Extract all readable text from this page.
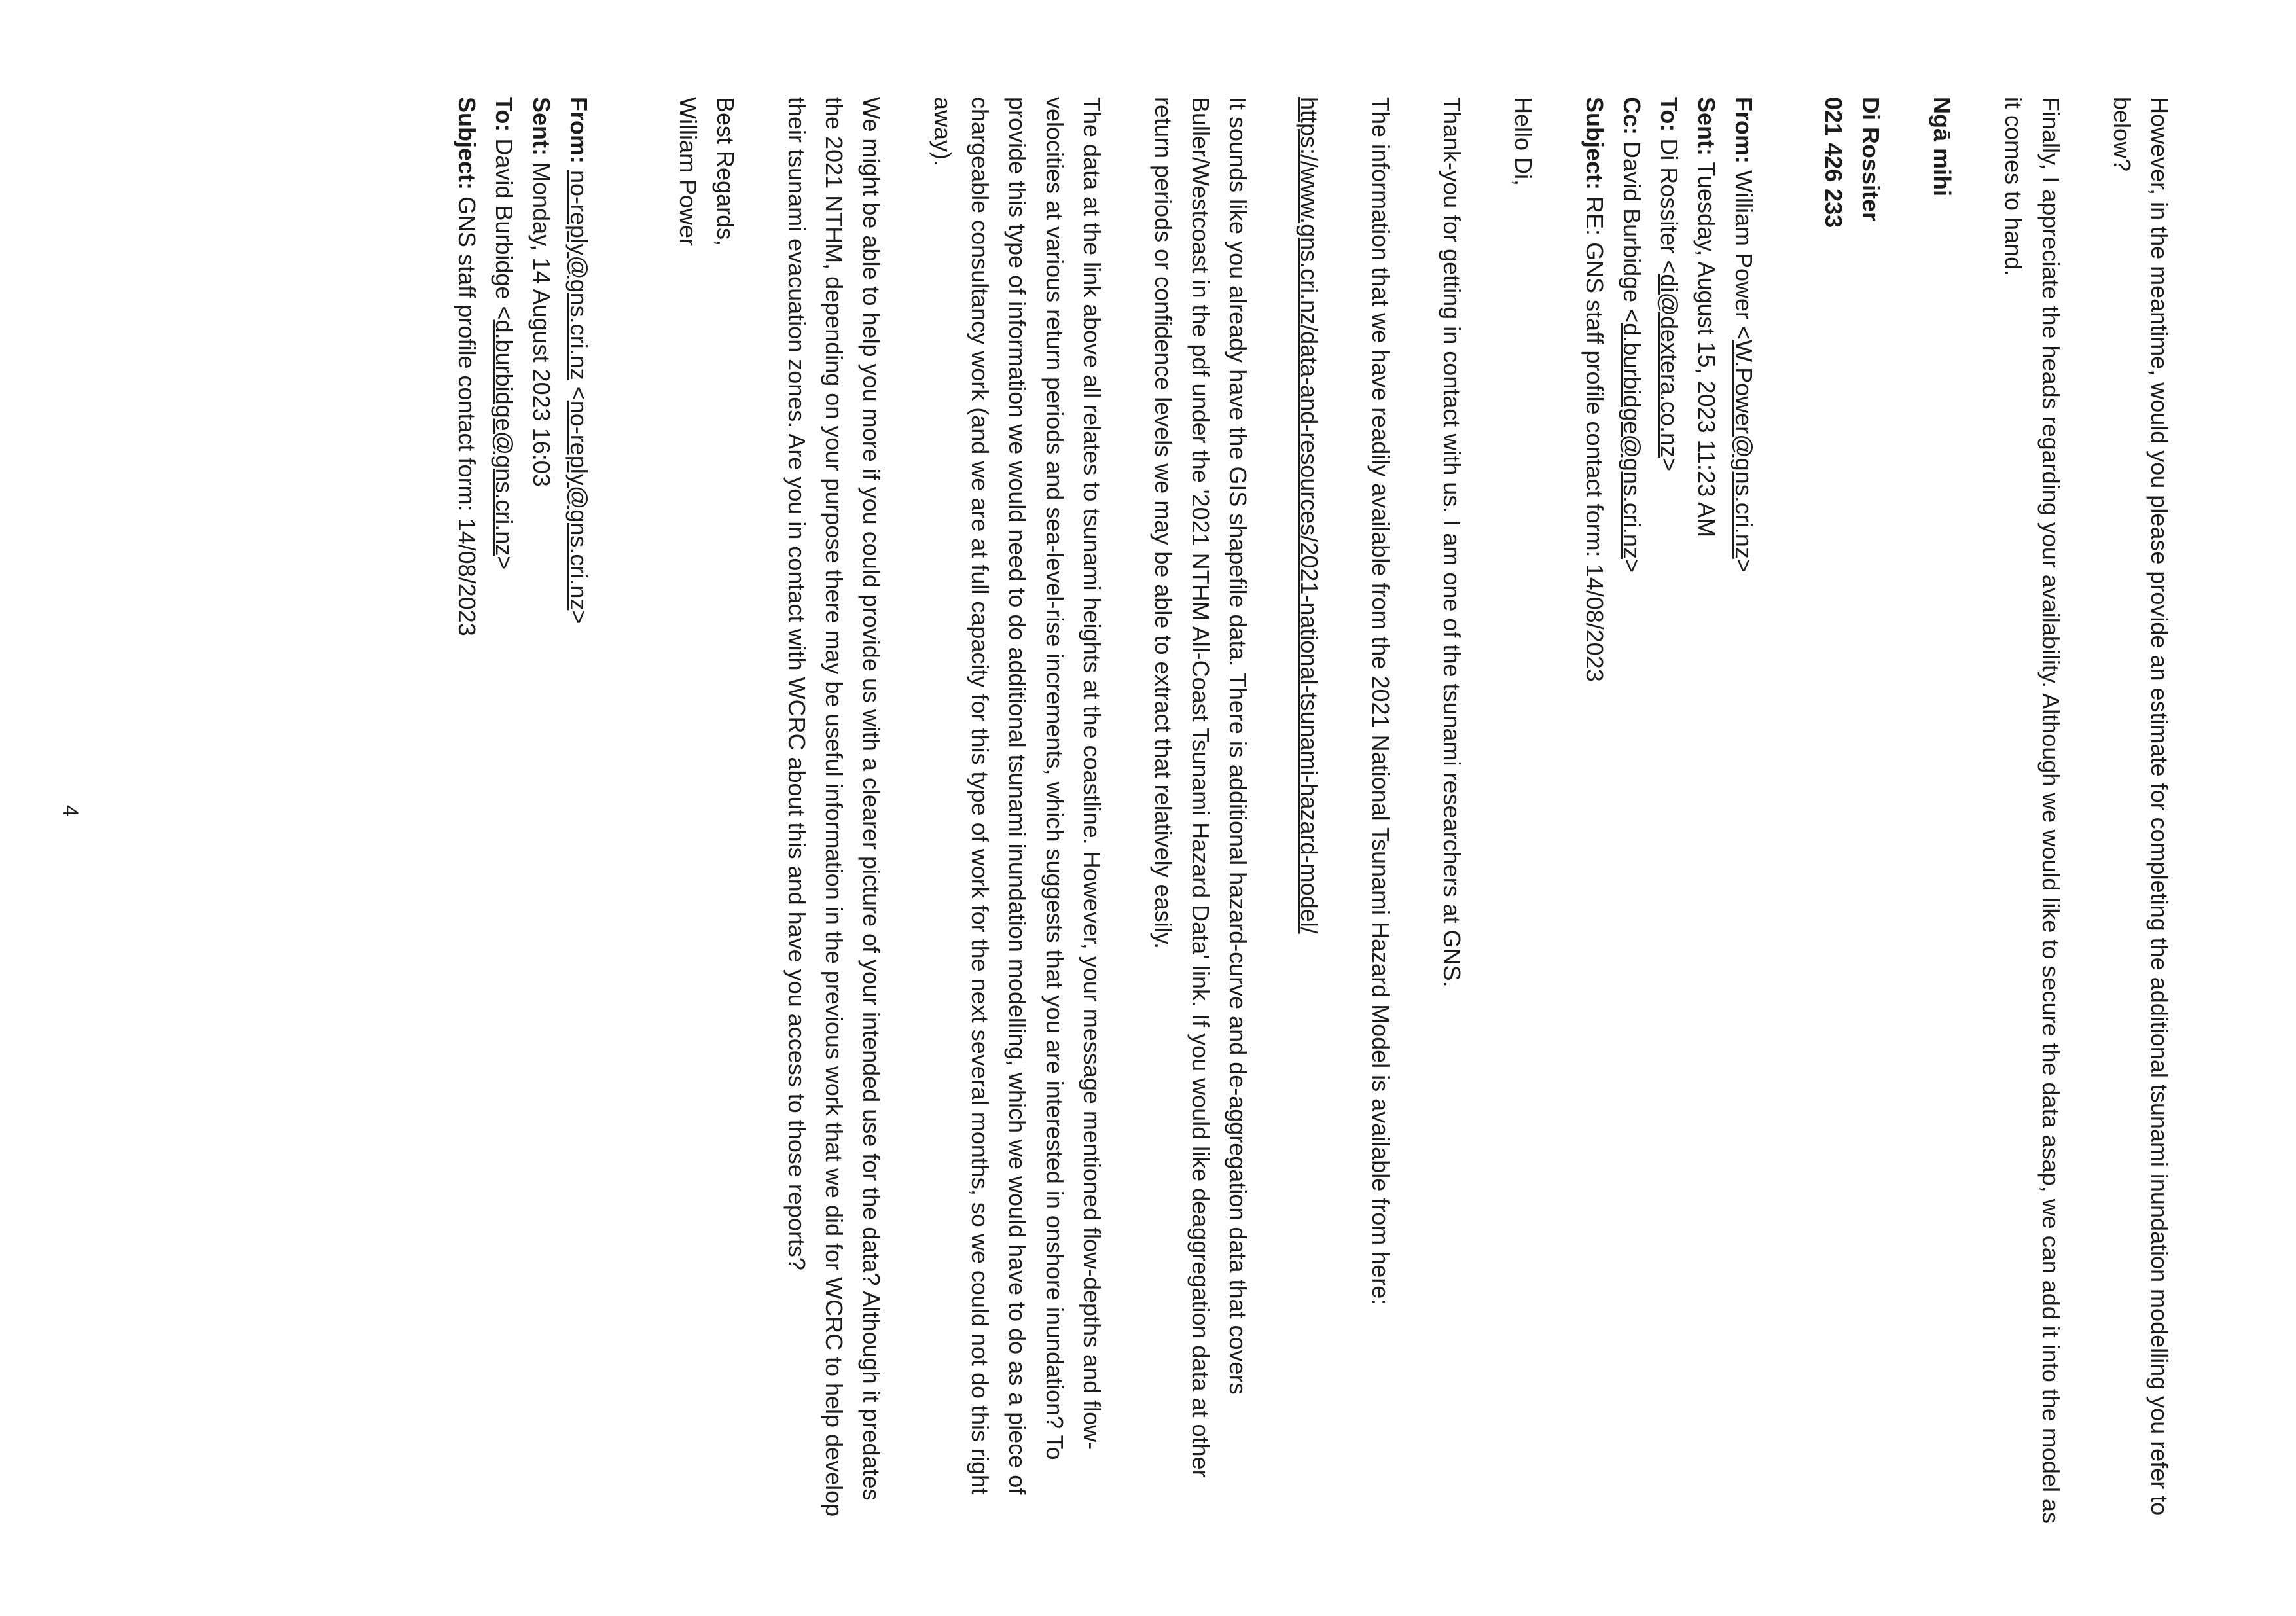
However, in the meantime, would you please provide an estimate for completing the additional tsunami inundation modelling you refer to below?

Finally, I appreciate the heads regarding your availability. Although we would like to secure the data asap, we can add it into the model as it comes to hand.

Ngā mihi

Di Rossiter

021 426 233

From: William Power <W.Power@gns.cri.nz>

Sent: Tuesday, August 15, 2023 11:23 AM

To: Di Rossiter <di@dextera.co.nz>

Cc: David Burbidge <d.burbidge@gns.cri.nz>

Subject: RE: GNS staff profile contact form: 14/08/2023

Hello Di,

Thank-you for getting in contact with us. I am one of the tsunami researchers at GNS.

The information that we have readily available from the 2021 National Tsunami Hazard Model is available from here:

https://www.gns.cri.nz/data-and-resources/2021-national-tsunami-hazard-model/

It sounds like you already have the GIS shapefile data. There is additional hazard-curve and de-aggregation data that covers Buller/Westcoast in the pdf under the '2021 NTHM All-Coast Tsunami Hazard Data' link. If you would like deaggregation data at other return periods or confidence levels we may be able to extract that relatively easily.

The data at the link above all relates to tsunami heights at the coastline. However, your message mentioned flow-depths and flow-velocities at various return periods and sea-level-rise increments, which suggests that you are interested in onshore inundation? To provide this type of information we would need to do additional tsunami inundation modelling, which we would have to do as a piece of chargeable consultancy work (and we are at full capacity for this type of work for the next several months, so we could not do this right away).

We might be able to help you more if you could provide us with a clearer picture of your intended use for the data? Although it predates the 2021 NTHM, depending on your purpose there may be useful information in the previous work that we did for WCRC to help develop their tsunami evacuation zones. Are you in contact with WCRC about this and have you access to those reports?

Best Regards,

William Power

From: no-reply@gns.cri.nz <no-reply@gns.cri.nz>

Sent: Monday, 14 August 2023 16:03

To: David Burbidge <d.burbidge@gns.cri.nz>

Subject: GNS staff profile contact form: 14/08/2023

4
